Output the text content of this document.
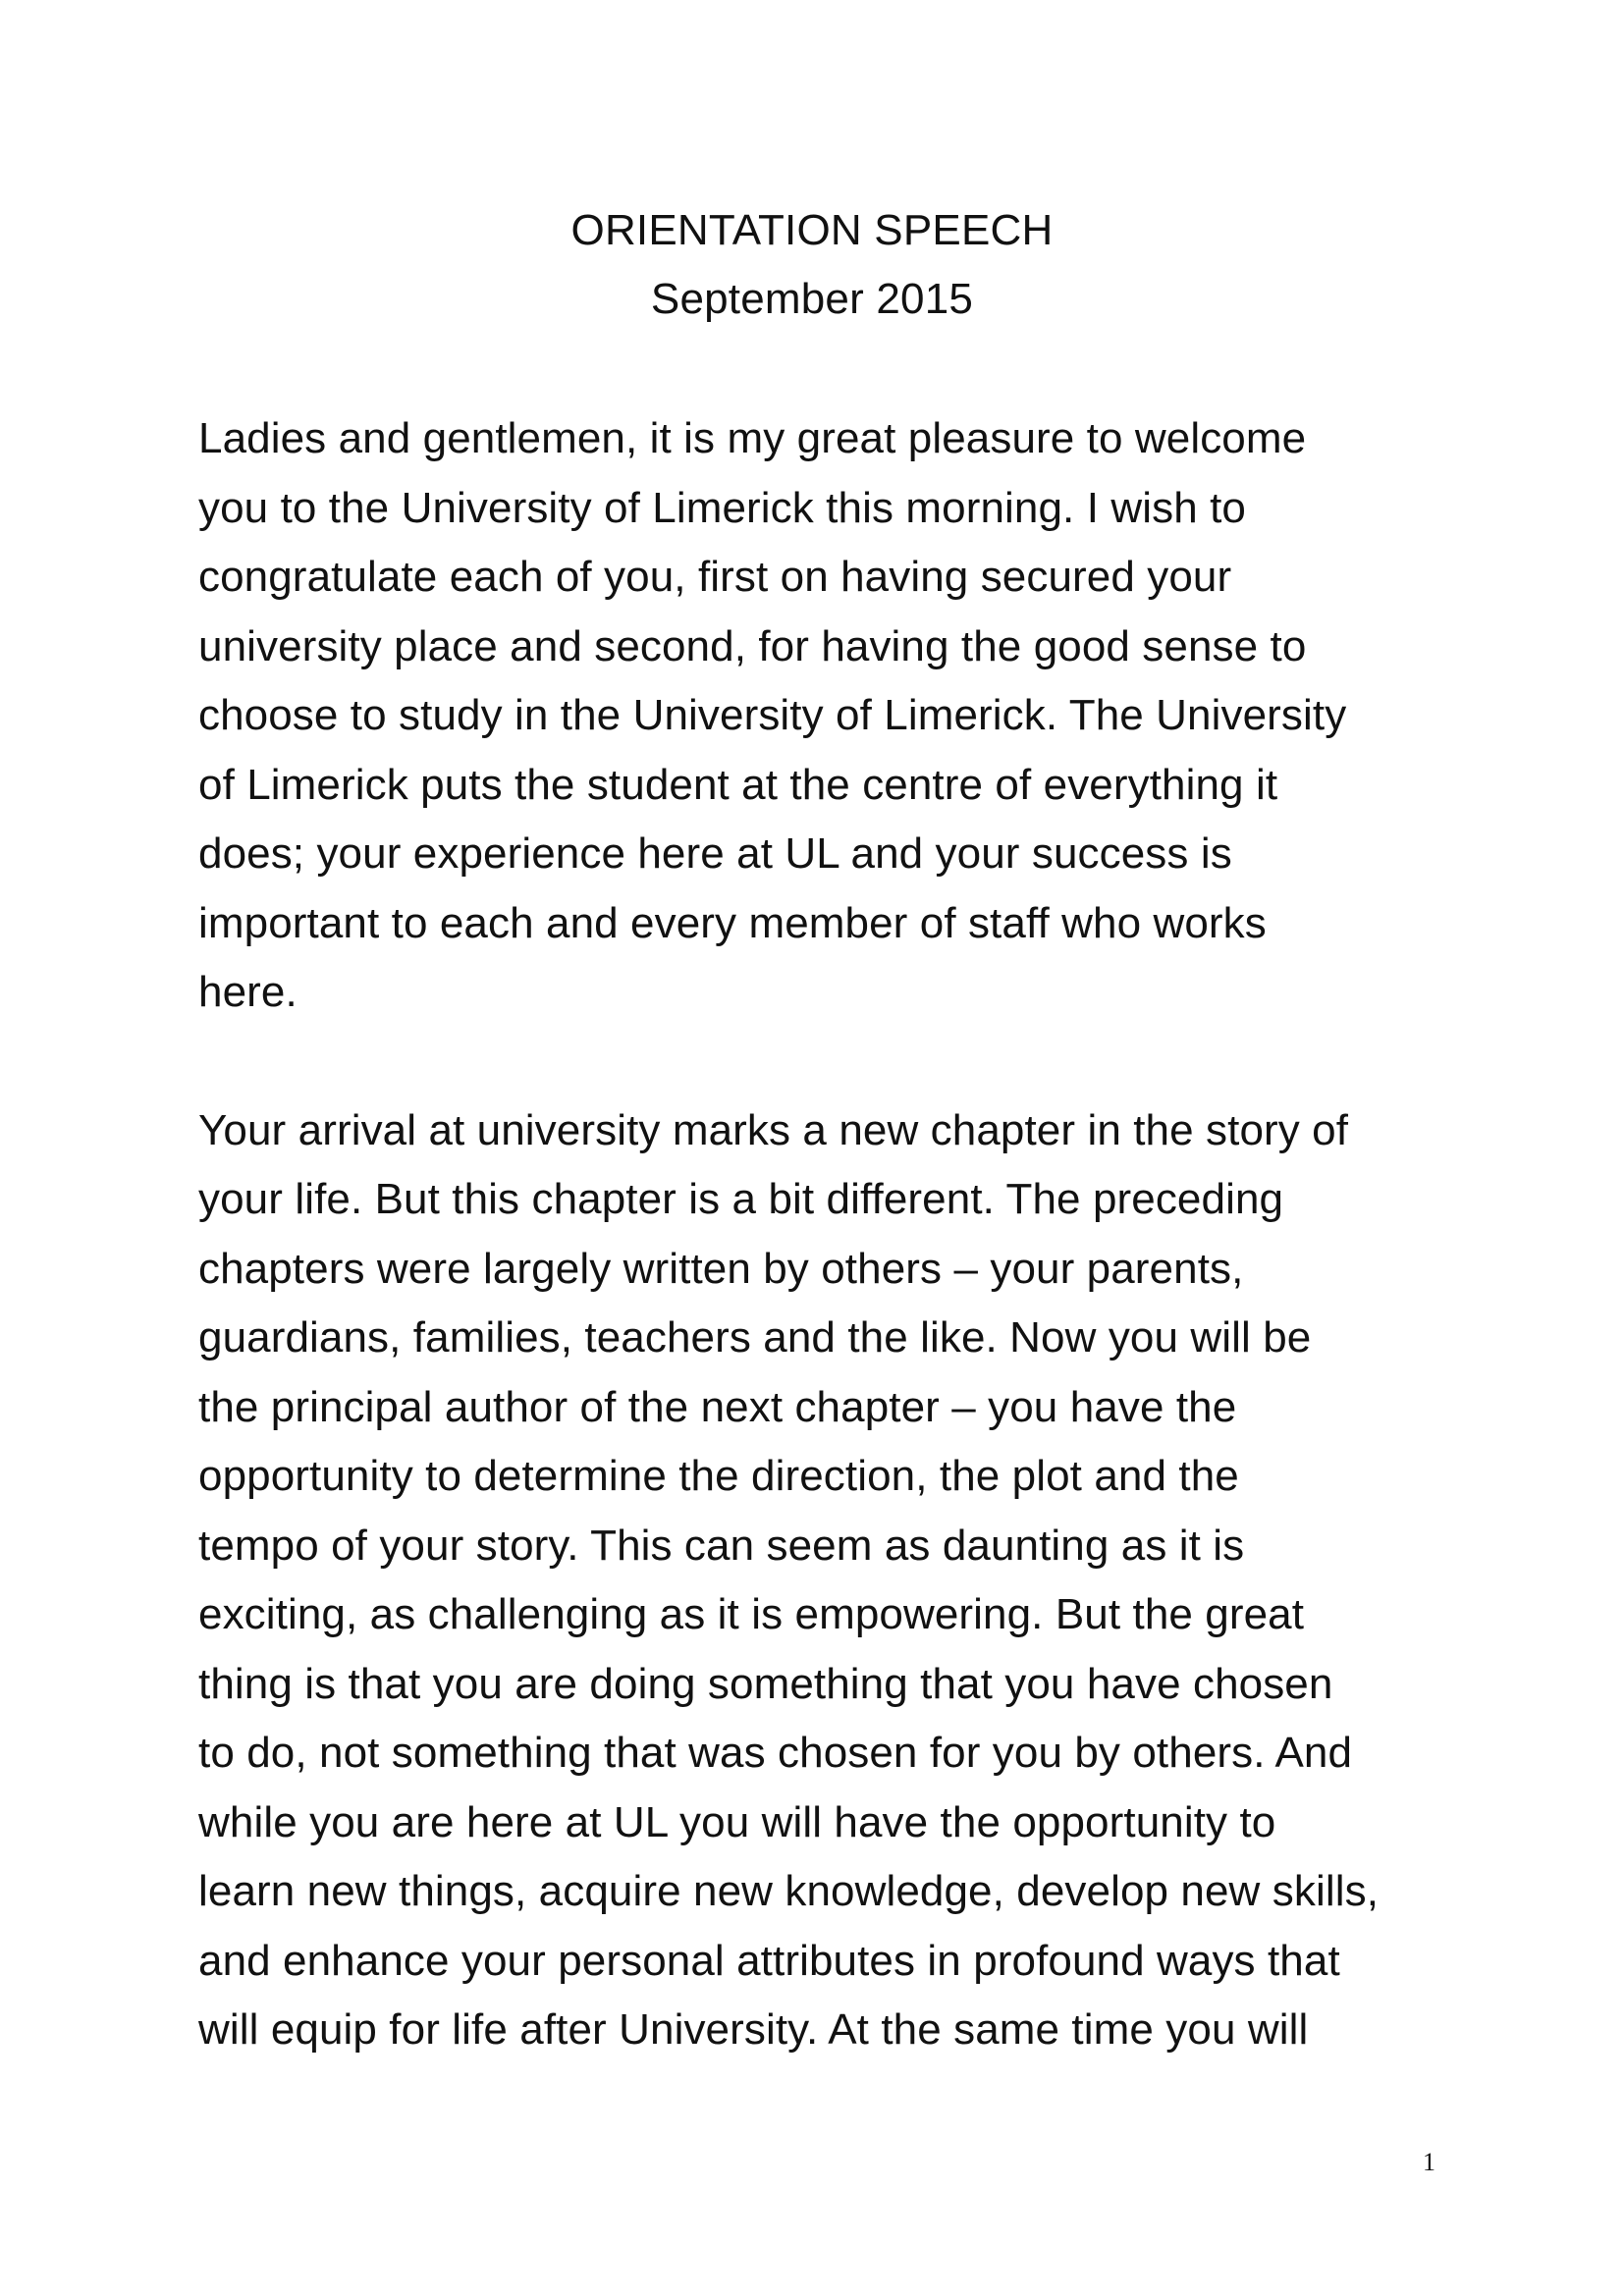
ORIENTATION SPEECH
September 2015
Ladies and gentlemen, it is my great pleasure to welcome
you to the University of Limerick this morning. I wish to
congratulate each of you, first on having secured your
university place and second, for having the good sense to
choose to study in the University of Limerick. The University
of Limerick puts the student at the centre of everything it
does; your experience here at UL and your success is
important to each and every member of staff who works
here.
Your arrival at university marks a new chapter in the story of
your life. But this chapter is a bit different. The preceding
chapters were largely written by others – your parents,
guardians, families, teachers and the like. Now you will be
the principal author of the next chapter – you have the
opportunity to determine the direction, the plot and the
tempo of your story. This can seem as daunting as it is
exciting, as challenging as it is empowering. But the great
thing is that you are doing something that you have chosen
to do, not something that was chosen for you by others. And
while you are here at UL you will have the opportunity to
learn new things, acquire new knowledge, develop new skills,
and enhance your personal attributes in profound ways that
will equip for life after University. At the same time you will
1
